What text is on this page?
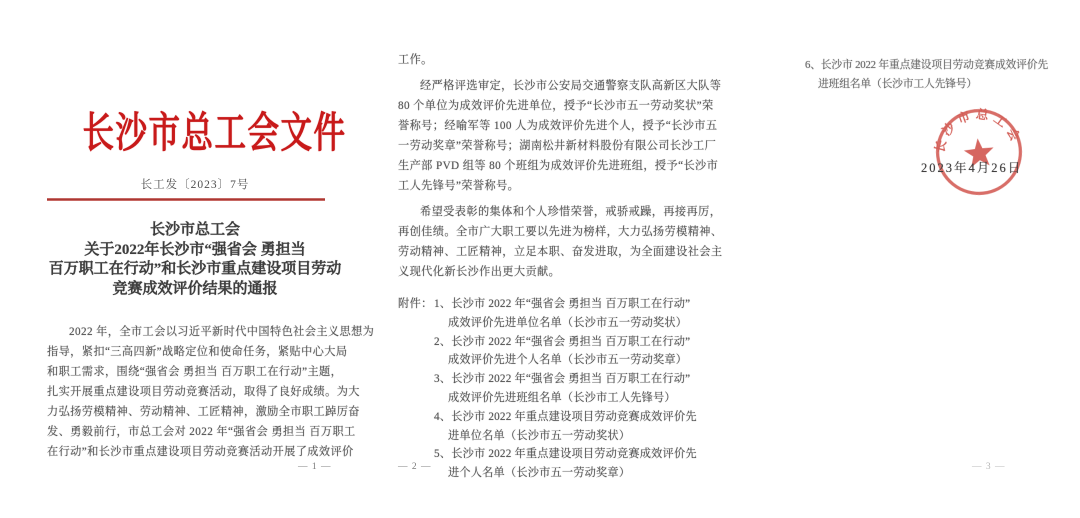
长沙市总工会文件
长工发〔2023〕7号
长沙市总工会
关于2022年长沙市“强省会 勇担当
百万职工在行动”和长沙市重点建设项目劳动
竞赛成效评价结果的通报
2022 年，全市工会以习近平新时代中国特色社会主义思想为
指导，紧扣“三高四新”战略定位和使命任务，紧贴中心大局
和职工需求，围绕“强省会 勇担当 百万职工在行动”主题，
扎实开展重点建设项目劳动竞赛活动，取得了良好成绩。为大
力弘扬劳模精神、劳动精神、工匠精神，激励全市职工踔厉奋
发、勇毅前行，市总工会对 2022 年“强省会 勇担当 百万职工
在行动”和长沙市重点建设项目劳动竞赛活动开展了成效评价
— 1 —
工作。
经严格评选审定，长沙市公安局交通警察支队高新区大队等
80 个单位为成效评价先进单位，授予“长沙市五一劳动奖状”荣
誉称号；经喻军等 100 人为成效评价先进个人，授予“长沙市五
一劳动奖章”荣誉称号；湖南松井新材料股份有限公司长沙工厂
生产部 PVD 组等 80 个班组为成效评价先进班组，授予“长沙市
工人先锋号”荣誉称号。
希望受表彰的集体和个人珍惜荣誉，戒骄戒躁，再接再厉，
再创佳绩。全市广大职工要以先进为榜样，大力弘扬劳模精神、
劳动精神、工匠精神，立足本职、奋发进取，为全面建设社会主
义现代化新长沙作出更大贡献。
附件： 1、长沙市 2022 年“强省会 勇担当 百万职工在行动”
成效评价先进单位名单（长沙市五一劳动奖状）
2、长沙市 2022 年“强省会 勇担当 百万职工在行动”
成效评价先进个人名单（长沙市五一劳动奖章）
3、长沙市 2022 年“强省会 勇担当 百万职工在行动”
成效评价先进班组名单（长沙市工人先锋号）
4、长沙市 2022 年重点建设项目劳动竞赛成效评价先
进单位名单（长沙市五一劳动奖状）
5、长沙市 2022 年重点建设项目劳动竞赛成效评价先
进个人名单（长沙市五一劳动奖章）
— 2 —
6、长沙市 2022 年重点建设项目劳动竞赛成效评价先
进班组名单（长沙市工人先锋号）
长沙市总工会
2023年4月26日
— 3 —
